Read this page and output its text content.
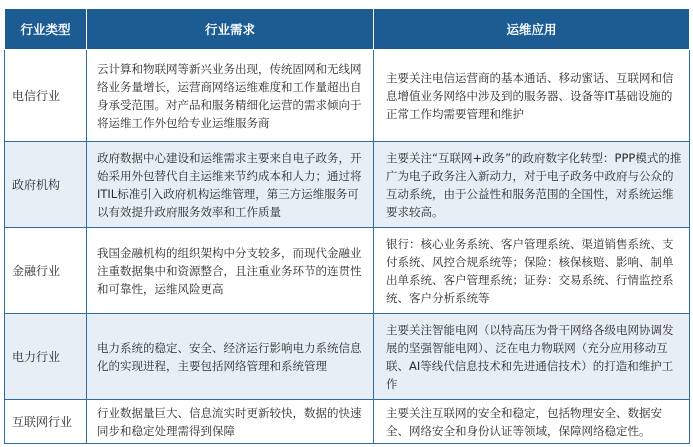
行业类型	行业需求	运维应用
电信行业	云计算和物联网等新兴业务出现，传统固网和无线网络业务量增长，运营商网络运维难度和工作量超出自身承受范围。对产品和服务精细化运营的需求倾向于将运维工作外包给专业运维服务商	主要关注电信运营商的基本通话、移动蜜话、互联网和信息增值业务网络中涉及到的服务器、设备等IT基础设施的正常工作均需要管理和维护
政府机构	政府数据中心建设和运维需求主要来自电子政务，开始采用外包替代自主运维来节约成本和人力；通过将ITIL标准引入政府机构运维管理，第三方运维服务可以有效提升政府服务效率和工作质量	主要关注“互联网+政务”的政府数字化转型：PPP模式的推广为电子政务注入新动力，对于电子政务中政府与公众的互动系统，由于公益性和服务范围的全国性，对系统运维要求较高。
金融行业	我国金融机构的组织架构中分支较多，而现代金融业注重数据集中和资源整合，且注重业务环节的连贯性和可靠性，运维风险更高	银行：核心业务系统、客户管理系统、渠道销售系统、支付系统、风控合规系统等；保险：核保核赔、影响、制单出单系统、客户管理系统；证券：交易系统、行情监控系统、客户分析系统等
电力行业	电力系统的稳定、安全、经济运行影响电力系统信息化的实现进程，主要包括网络管理和系统管理	主要关注智能电网（以特高压为骨干网络各级电网协调发展的坚强智能电网）、泛在电力物联网（充分应用移动互联、AI等线代信息技术和先进通信技术）的打造和维护工作
互联网行业	行业数据量巨大、信息流实时更新较快，数据的快速同步和稳定处理需得到保障	主要关注互联网的安全和稳定，包括物理安全、数据安全、网络安全和身份认证等领域，保障网络稳定性。
